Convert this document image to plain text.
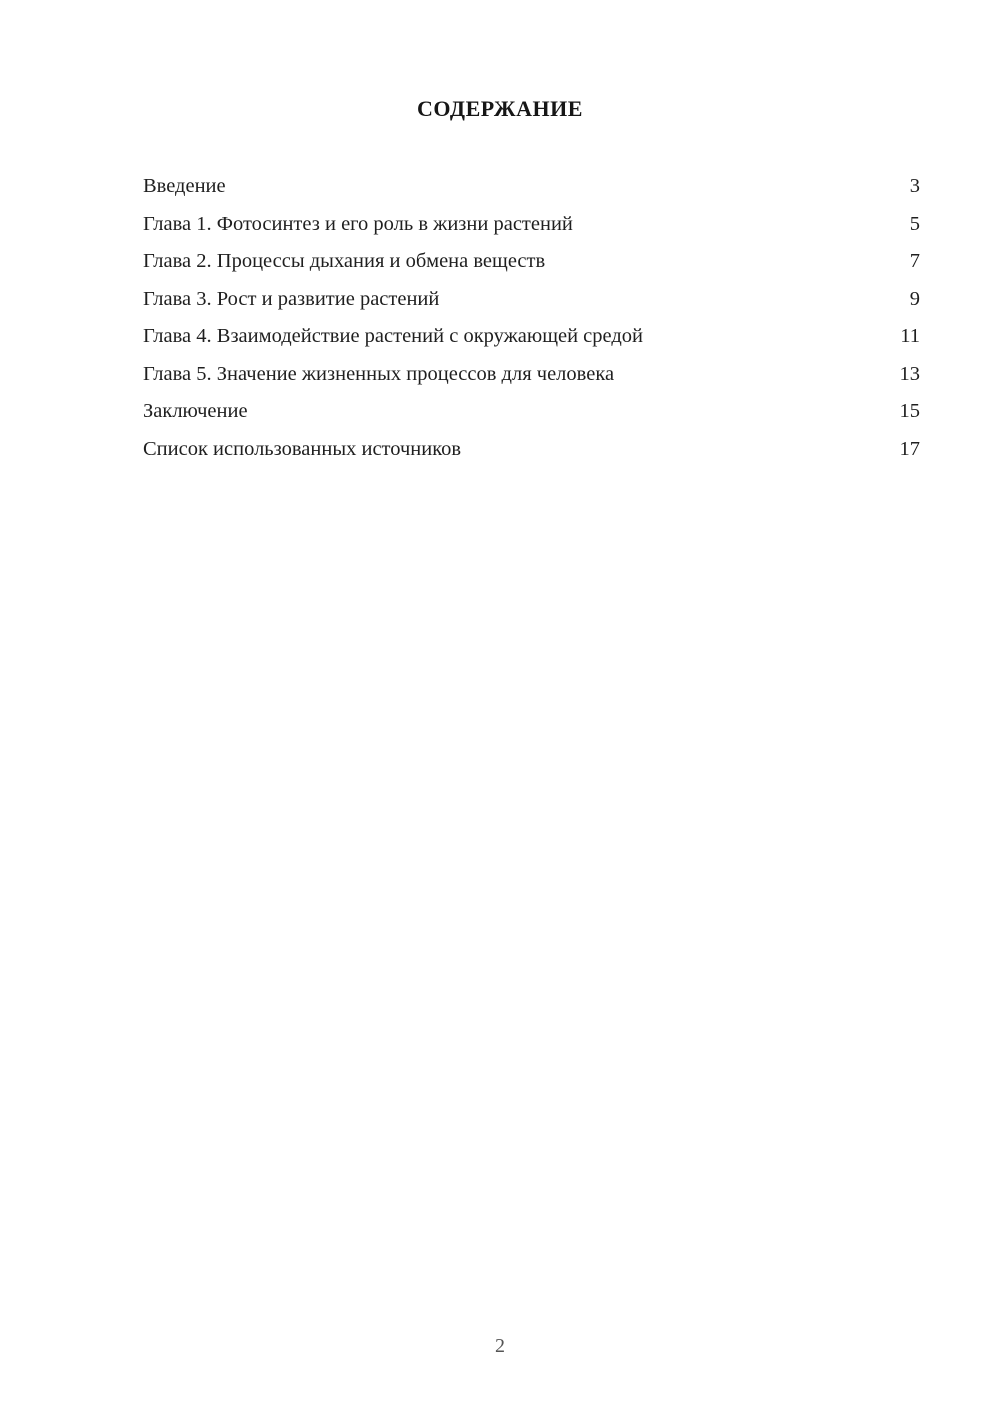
СОДЕРЖАНИЕ
Введение	3
Глава 1. Фотосинтез и его роль в жизни растений	5
Глава 2. Процессы дыхания и обмена веществ	7
Глава 3. Рост и развитие растений	9
Глава 4. Взаимодействие растений с окружающей средой	11
Глава 5. Значение жизненных процессов для человека	13
Заключение	15
Список использованных источников	17
2
